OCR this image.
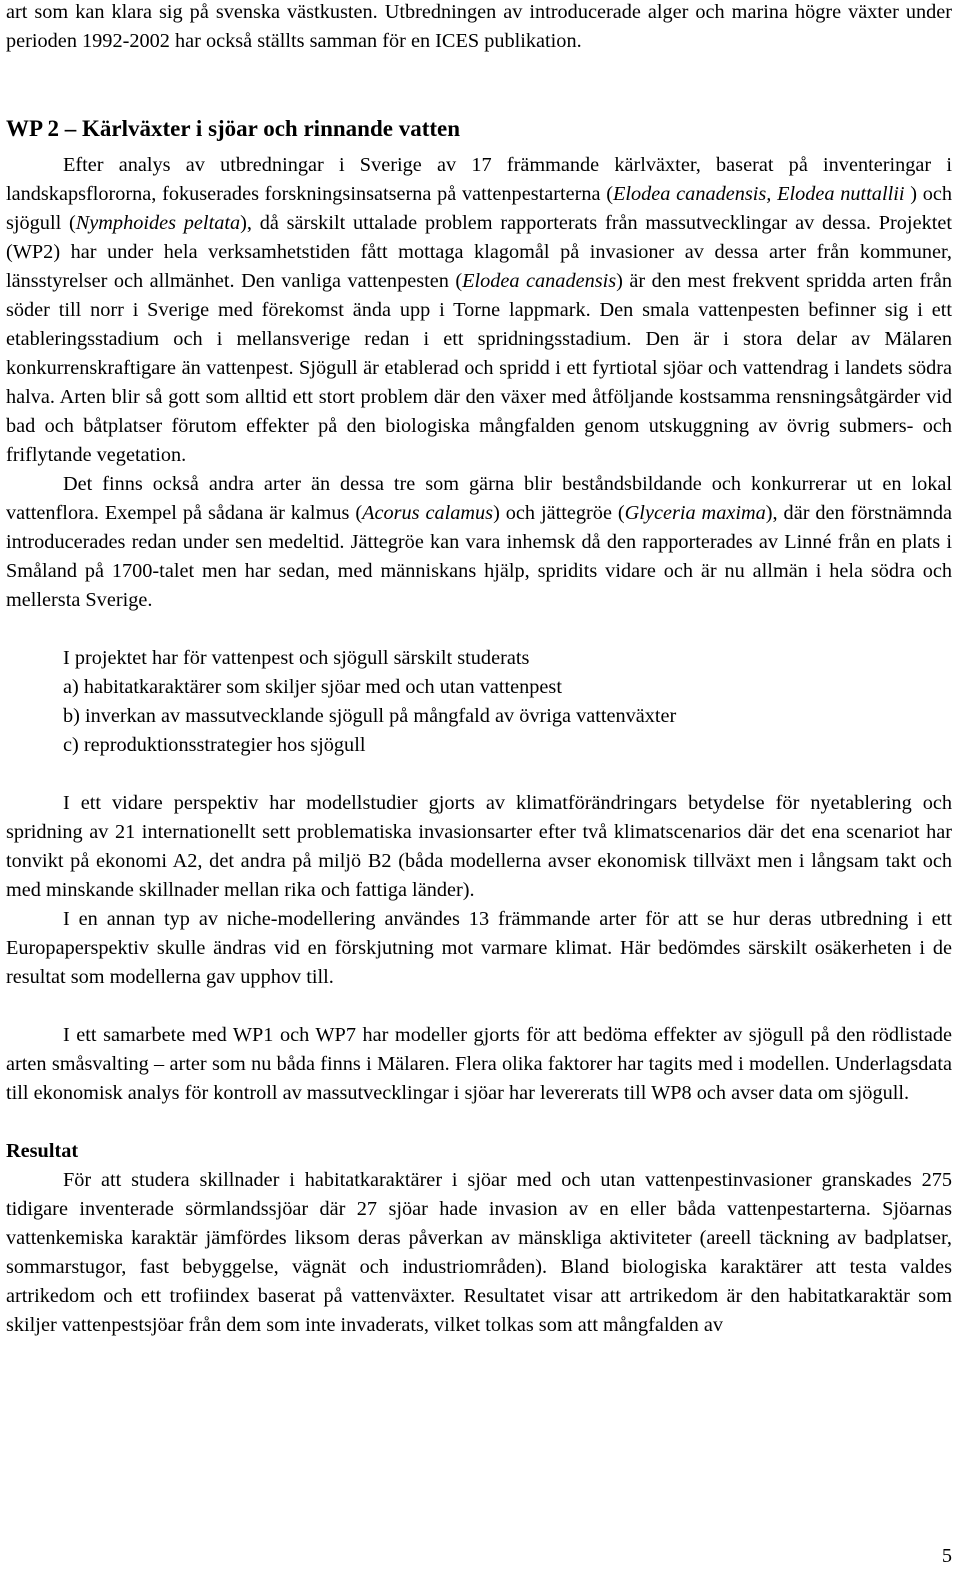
art som kan klara sig på svenska västkusten. Utbredningen av introducerade alger och marina högre växter under perioden 1992-2002 har också ställts samman för en ICES publikation.

WP 2 – Kärlväxter i sjöar och rinnande vatten

Efter analys av utbredningar i Sverige av 17 främmande kärlväxter, baserat på inventeringar i landskapsflororna, fokuserades forskningsinsatserna på vattenpestarterna (Elodea canadensis, Elodea nuttallii ) och sjögull (Nymphoides peltata), då särskilt uttalade problem rapporterats från massutvecklingar av dessa. Projektet (WP2) har under hela verksamhetstiden fått mottaga klagomål på invasioner av dessa arter från kommuner, länsstyrelser och allmänhet. Den vanliga vattenpesten (Elodea canadensis) är den mest frekvent spridda arten från söder till norr i Sverige med förekomst ända upp i Torne lappmark. Den smala vattenpesten befinner sig i ett etableringsstadium och i mellansverige redan i ett spridningsstadium. Den är i stora delar av Mälaren konkurrenskraftigare än vattenpest. Sjögull är etablerad och spridd i ett fyrtiotal sjöar och vattendrag i landets södra halva. Arten blir så gott som alltid ett stort problem där den växer med åtföljande kostsamma rensningsåtgärder vid bad och båtplatser förutom effekter på den biologiska mångfalden genom utskuggning av övrig submers- och friflytande vegetation.

Det finns också andra arter än dessa tre som gärna blir beståndsbildande och konkurrerar ut en lokal vattenflora. Exempel på sådana är kalmus (Acorus calamus) och jättegröe (Glyceria maxima), där den förstnämnda introducerades redan under sen medeltid. Jättegröe kan vara inhemsk då den rapporterades av Linné från en plats i Småland på 1700-talet men har sedan, med människans hjälp, spridits vidare och är nu allmän i hela södra och mellersta Sverige.

I projektet har för vattenpest och sjögull särskilt studerats

a) habitatkaraktärer som skiljer sjöar med och utan vattenpest

b) inverkan av massutvecklande sjögull på mångfald av övriga vattenväxter

c) reproduktionsstrategier hos sjögull

I ett vidare perspektiv har modellstudier gjorts av klimatförändringars betydelse för nyetablering och spridning av 21 internationellt sett problematiska invasionsarter efter två klimatscenarios där det ena scenariot har tonvikt på ekonomi A2, det andra på miljö B2 (båda modellerna avser ekonomisk tillväxt men i långsam takt och med minskande skillnader mellan rika och fattiga länder).

I en annan typ av niche-modellering användes 13 främmande arter för att se hur deras utbredning i ett Europaperspektiv skulle ändras vid en förskjutning mot varmare klimat. Här bedömdes särskilt osäkerheten i de resultat som modellerna gav upphov till.

I ett samarbete med WP1 och WP7 har modeller gjorts för att bedöma effekter av sjögull på den rödlistade arten småsvalting – arter som nu båda finns i Mälaren. Flera olika faktorer har tagits med i modellen. Underlagsdata till ekonomisk analys för kontroll av massutvecklingar i sjöar har levererats till WP8 och avser data om sjögull.

Resultat

För att studera skillnader i habitatkaraktärer i sjöar med och utan vattenpestinvasioner granskades 275 tidigare inventerade sörmlandssjöar där 27 sjöar hade invasion av en eller båda vattenpestarterna. Sjöarnas vattenkemiska karaktär jämfördes liksom deras påverkan av mänskliga aktiviteter (areell täckning av badplatser, sommarstugor, fast bebyggelse, vägnät och industriområden). Bland biologiska karaktärer att testa valdes artrikedom och ett trofiindex baserat på vattenväxter. Resultatet visar att artrikedom är den habitatkaraktär som skiljer vattenpestsjöar från dem som inte invaderats, vilket tolkas som att mångfalden av

5
